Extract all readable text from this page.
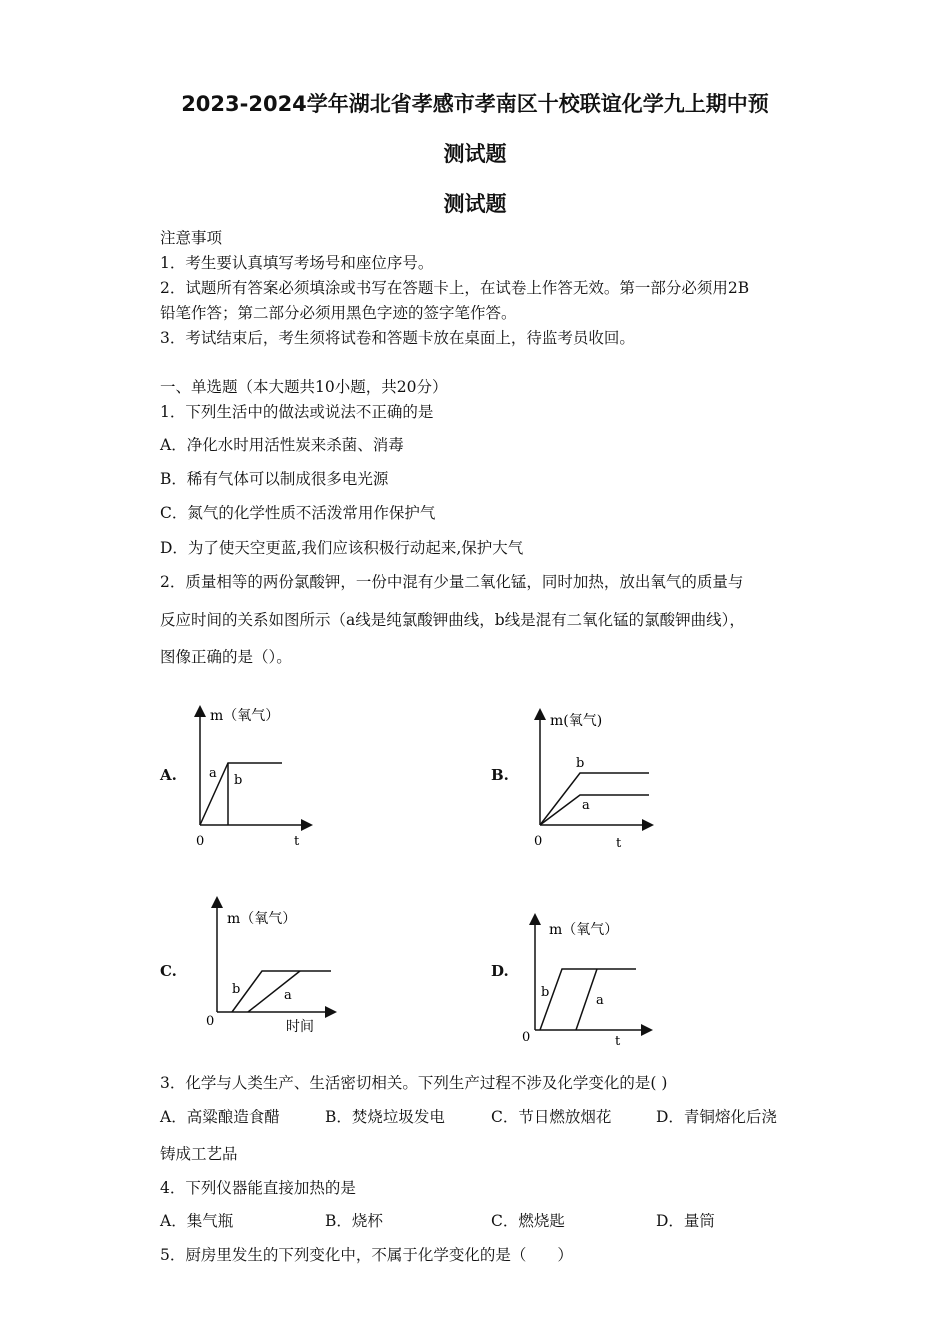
2023-2024学年湖北省孝感市孝南区十校联谊化学九上期中预
测试题
测试题
注意事项
1．考生要认真填写考场号和座位序号。
2．试题所有答案必须填涂或书写在答题卡上，在试卷上作答无效。第一部分必须用2B
铅笔作答；第二部分必须用黑色字迹的签字笔作答。
3．考试结束后，考生须将试卷和答题卡放在桌面上，待监考员收回。
一、单选题（本大题共10小题，共20分）
1．下列生活中的做法或说法不正确的是
A．净化水时用活性炭来杀菌、消毒
B．稀有气体可以制成很多电光源
C．氮气的化学性质不活泼常用作保护气
D．为了使天空更蓝,我们应该积极行动起来,保护大气
2．质量相等的两份氯酸钾，一份中混有少量二氧化锰，同时加热，放出氧气的质量与
反应时间的关系如图所示（a线是纯氯酸钾曲线，b线是混有二氧化锰的氯酸钾曲线），
图像正确的是（）。
A.
m（氧气）
a b
0	t
B.
m(氧气)
b
a
0	t
C.
m（氧气）
b	a
0	时间
D.
m（氧气）
b
a
0	t
3．化学与人类生产、生活密切相关。下列生产过程不涉及化学变化的是( )
A．高粱酿造食醋	B．焚烧垃圾发电	C．节日燃放烟花	D．青铜熔化后浇
铸成工艺品
4．下列仪器能直接加热的是
A．集气瓶	B．烧杯	C．燃烧匙	D．量筒
5．厨房里发生的下列变化中，不属于化学变化的是（　　）
